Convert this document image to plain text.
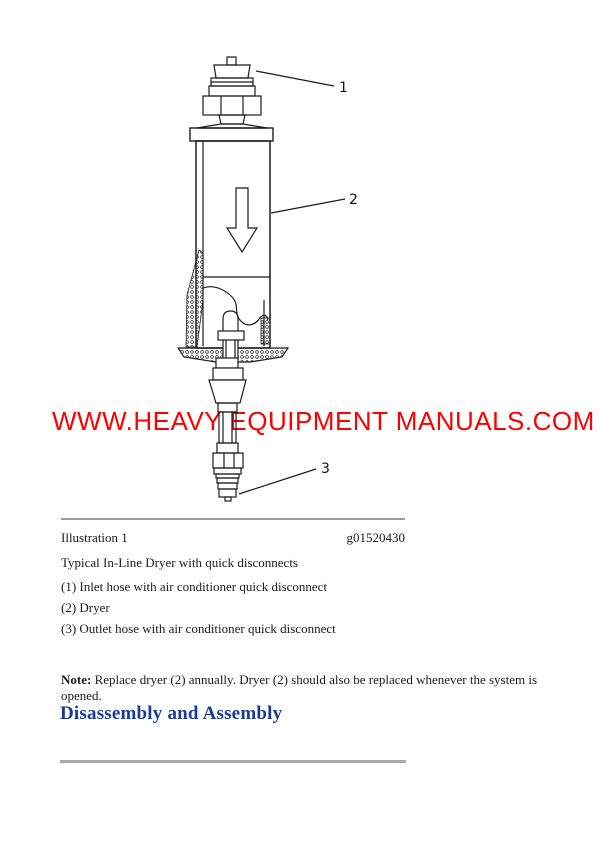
WWW.HEAVY EQUIPMENT MANUALS.COM
1
2
3
Illustration 1	g01520430
Typical In-Line Dryer with quick disconnects
(1) Inlet hose with air conditioner quick disconnect
(2) Dryer
(3) Outlet hose with air conditioner quick disconnect

Note: Replace dryer (2) annually. Dryer (2) should also be replaced whenever the system is opened.

Disassembly and Assembly
